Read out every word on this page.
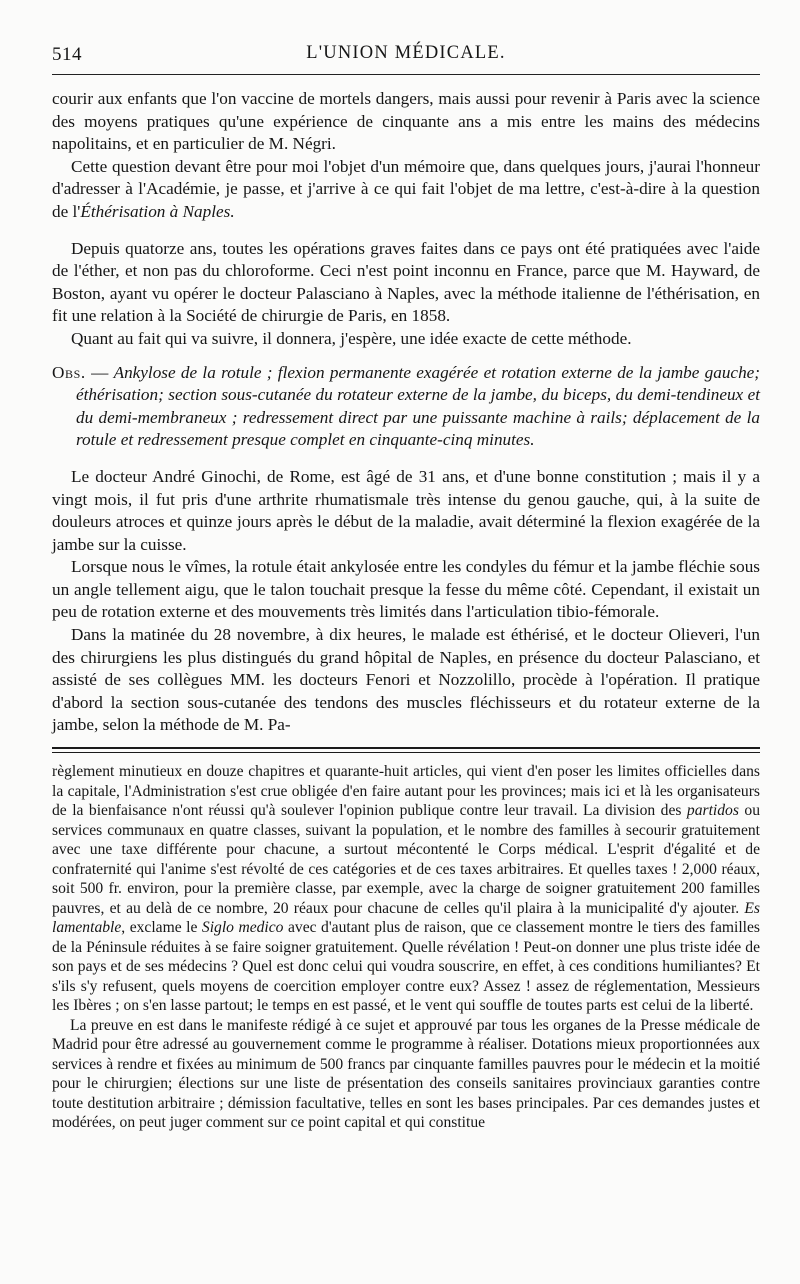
514	L'UNION MÉDICALE.

courir aux enfants que l'on vaccine de mortels dangers, mais aussi pour revenir à Paris avec la science des moyens pratiques qu'une expérience de cinquante ans a mis entre les mains des médecins napolitains, et en particulier de M. Négri.

Cette question devant être pour moi l'objet d'un mémoire que, dans quelques jours, j'aurai l'honneur d'adresser à l'Académie, je passe, et j'arrive à ce qui fait l'objet de ma lettre, c'est-à-dire à la question de l'Éthérisation à Naples.

Depuis quatorze ans, toutes les opérations graves faites dans ce pays ont été pratiquées avec l'aide de l'éther, et non pas du chloroforme. Ceci n'est point inconnu en France, parce que M. Hayward, de Boston, ayant vu opérer le docteur Palasciano à Naples, avec la méthode italienne de l'éthérisation, en fit une relation à la Société de chirurgie de Paris, en 1858.

Quant au fait qui va suivre, il donnera, j'espère, une idée exacte de cette méthode.

Obs. — Ankylose de la rotule ; flexion permanente exagérée et rotation externe de la jambe gauche; éthérisation; section sous-cutanée du rotateur externe de la jambe, du biceps, du demi-tendineux et du demi-membraneux ; redressement direct par une puissante machine à rails; déplacement de la rotule et redressement presque complet en cinquante-cinq minutes.

Le docteur André Ginochi, de Rome, est âgé de 31 ans, et d'une bonne constitution ; mais il y a vingt mois, il fut pris d'une arthrite rhumatismale très intense du genou gauche, qui, à la suite de douleurs atroces et quinze jours après le début de la maladie, avait déterminé la flexion exagérée de la jambe sur la cuisse.

Lorsque nous le vîmes, la rotule était ankylosée entre les condyles du fémur et la jambe fléchie sous un angle tellement aigu, que le talon touchait presque la fesse du même côté. Cependant, il existait un peu de rotation externe et des mouvements très limités dans l'articulation tibio-fémorale.

Dans la matinée du 28 novembre, à dix heures, le malade est éthérisé, et le docteur Olieveri, l'un des chirurgiens les plus distingués du grand hôpital de Naples, en présence du docteur Palasciano, et assisté de ses collègues MM. les docteurs Fenori et Nozzolillo, procède à l'opération. Il pratique d'abord la section sous-cutanée des tendons des muscles fléchisseurs et du rotateur externe de la jambe, selon la méthode de M. Pa-

règlement minutieux en douze chapitres et quarante-huit articles, qui vient d'en poser les limites officielles dans la capitale, l'Administration s'est crue obligée d'en faire autant pour les provinces; mais ici et là les organisateurs de la bienfaisance n'ont réussi qu'à soulever l'opinion publique contre leur travail. La division des partidos ou services communaux en quatre classes, suivant la population, et le nombre des familles à secourir gratuitement avec une taxe différente pour chacune, a surtout mécontenté le Corps médical. L'esprit d'égalité et de confraternité qui l'anime s'est révolté de ces catégories et de ces taxes arbitraires. Et quelles taxes ! 2,000 réaux, soit 500 fr. environ, pour la première classe, par exemple, avec la charge de soigner gratuitement 200 familles pauvres, et au delà de ce nombre, 20 réaux pour chacune de celles qu'il plaira à la municipalité d'y ajouter. Es lamentable, exclame le Siglo medico avec d'autant plus de raison, que ce classement montre le tiers des familles de la Péninsule réduites à se faire soigner gratuitement. Quelle révélation ! Peut-on donner une plus triste idée de son pays et de ses médecins ? Quel est donc celui qui voudra souscrire, en effet, à ces conditions humiliantes? Et s'ils s'y refusent, quels moyens de coercition employer contre eux? Assez ! assez de réglementation, Messieurs les Ibères ; on s'en lasse partout; le temps en est passé, et le vent qui souffle de toutes parts est celui de la liberté.

La preuve en est dans le manifeste rédigé à ce sujet et approuvé par tous les organes de la Presse médicale de Madrid pour être adressé au gouvernement comme le programme à réaliser. Dotations mieux proportionnées aux services à rendre et fixées au minimum de 500 francs par cinquante familles pauvres pour le médecin et la moitié pour le chirurgien; élections sur une liste de présentation des conseils sanitaires provinciaux garanties contre toute destitution arbitraire ; démission facultative, telles en sont les bases principales. Par ces demandes justes et modérées, on peut juger comment sur ce point capital et qui constitue
